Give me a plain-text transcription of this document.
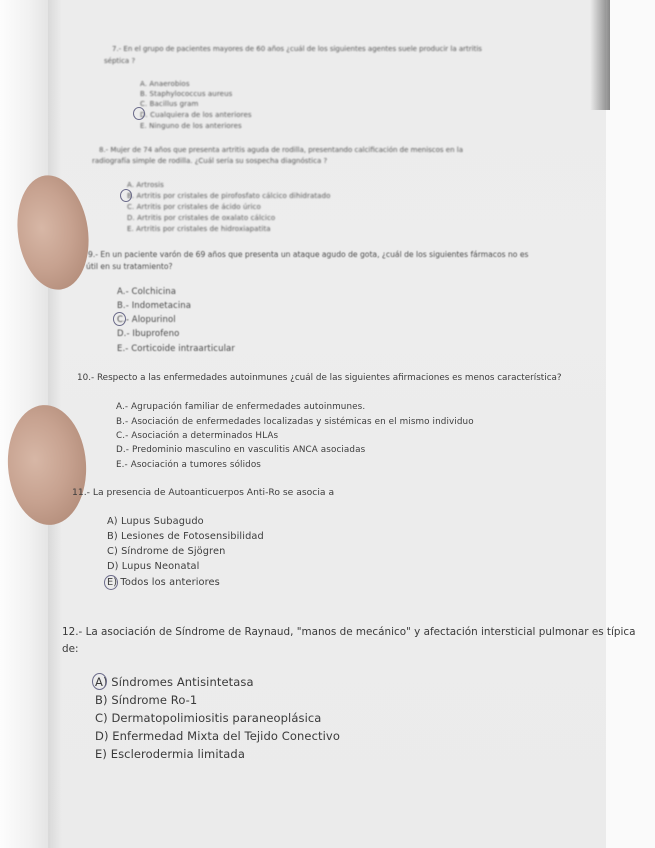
7.- En el grupo de pacientes mayores de 60 años ¿cuál de los siguientes agentes suele producir la artritis
séptica ?
A. Anaerobios
B. Staphylococcus aureus
C. Bacillus gram
D. Cualquiera de los anteriores
E. Ninguno de los anteriores
8.- Mujer de 74 años que presenta artritis aguda de rodilla, presentando calcificación de meniscos en la
radiografía simple de rodilla. ¿Cuál sería su sospecha diagnóstica ?
A. Artrosis
B. Artritis por cristales de pirofosfato cálcico dihidratado
C. Artritis por cristales de ácido úrico
D. Artritis por cristales de oxalato cálcico
E. Artritis por cristales de hidroxiapatita
9.- En un paciente varón de 69 años que presenta un ataque agudo de gota, ¿cuál de los siguientes fármacos no es
útil en su tratamiento?
A.- Colchicina
B.- Indometacina
C.- Alopurinol
D.- Ibuprofeno
E.- Corticoide intraarticular
10.- Respecto a las enfermedades autoinmunes ¿cuál de las siguientes afirmaciones es menos característica?
A.- Agrupación familiar de enfermedades autoinmunes.
B.- Asociación de enfermedades localizadas y sistémicas en el mismo individuo
C.- Asociación a determinados HLAs
D.- Predominio masculino en vasculitis ANCA asociadas
E.- Asociación a tumores sólidos
11.- La presencia de Autoanticuerpos Anti-Ro se asocia a
A) Lupus Subagudo
B) Lesiones de Fotosensibilidad
C) Síndrome de Sjögren
D) Lupus Neonatal
E) Todos los anteriores
12.- La asociación de Síndrome de Raynaud, "manos de mecánico" y afectación intersticial pulmonar es típica
de:
A) Síndromes Antisintetasa
B) Síndrome Ro-1
C) Dermatopolimiositis paraneoplásica
D) Enfermedad Mixta del Tejido Conectivo
E) Esclerodermia limitada
